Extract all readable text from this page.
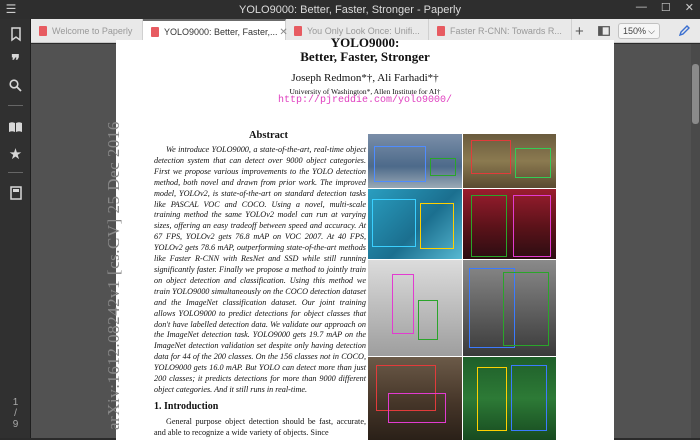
☰	YOLO9000: Better, Faster, Stronger - Paperly	— ☐ ✕
❞
★
1
/
9
Welcome to Paperly	YOLO9000: Better, Faster,... ✕ You Only Look Once: Unifi...	Faster R-CNN: Towards R... +	150% ⌵
YOLO9000:
Better, Faster, Stronger
Joseph Redmon*†, Ali Farhadi*†
University of Washington*, Allen Institute for AI†
http://pjreddie.com/yolo9000/
Abstract

We introduce YOLO9000, a state-of-the-art, real-time object detection system that can detect over 9000 object categories. First we propose various improvements to the YOLO detection method, both novel and drawn from prior work. The improved model, YOLOv2, is state-of-the-art on standard detection tasks like PASCAL VOC and COCO. Using a novel, multi-scale training method the same YOLOv2 model can run at varying sizes, offering an easy tradeoff between speed and accuracy. At 67 FPS, YOLOv2 gets 76.8 mAP on VOC 2007. At 40 FPS, YOLOv2 gets 78.6 mAP, outperforming state-of-the-art methods like Faster R-CNN with ResNet and SSD while still running significantly faster. Finally we propose a method to jointly train on object detection and classification. Using this method we train YOLO9000 simultaneously on the COCO detection dataset and the ImageNet classification dataset. Our joint training allows YOLO9000 to predict detections for object classes that don't have labelled detection data. We validate our approach on the ImageNet detection task. YOLO9000 gets 19.7 mAP on the ImageNet detection validation set despite only having detection data for 44 of the 200 classes. On the 156 classes not in COCO, YOLO9000 gets 16.0 mAP. But YOLO can detect more than just 200 classes; it predicts detections for more than 9000 different object categories. And it still runs in real-time.

arXiv:1612.08242v1 [cs.CV] 25 Dec 2016	1. Introduction

General purpose object detection should be fast, accurate, and able to recognize a wide variety of objects. Since
